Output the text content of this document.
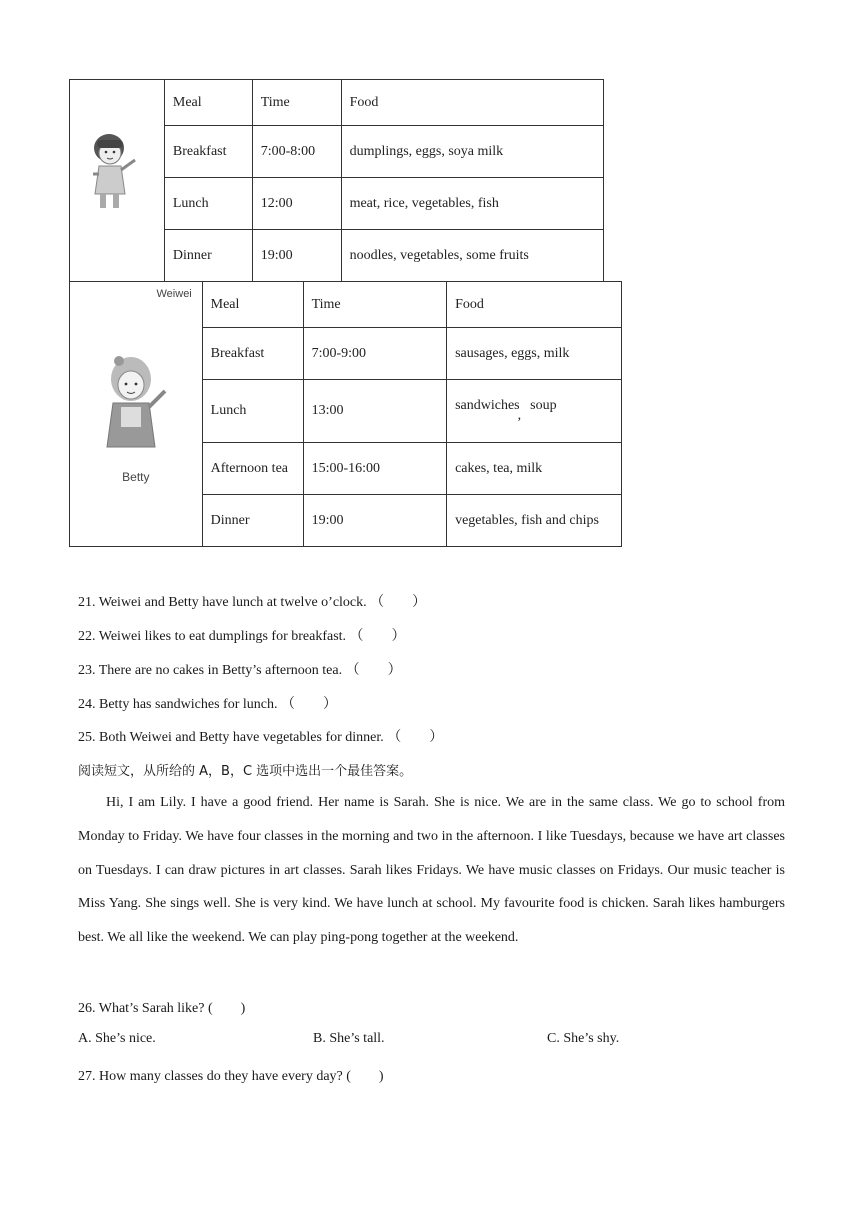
Weiwei	Meal	Time	Food
	Breakfast	7:00-8:00	dumplings, eggs, soya milk
	Lunch	12:00	meat, rice, vegetables, fish
	Dinner	19:00	noodles, vegetables, some fruits
Betty	Meal	Time	Food
	Breakfast	7:00-9:00	sausages, eggs, milk
	Lunch	13:00	sandwiches,  soup
	Afternoon tea	15:00-16:00	cakes, tea, milk
	Dinner	19:00	vegetables, fish and chips
21. Weiwei and Betty have lunch at twelve o’clock. （　　）
22. Weiwei likes to eat dumplings for breakfast. （　　）
23. There are no cakes in Betty’s afternoon tea. （　　）
24. Betty has sandwiches for lunch. （　　）
25. Both Weiwei and Betty have vegetables for dinner. （　　）
阅读短文，从所给的 A，B，C 选项中选出一个最佳答案。
Hi, I am Lily. I have a good friend. Her name is Sarah. She is nice. We are in the same class. We go to school from Monday to Friday. We have four classes in the morning and two in the afternoon. I like Tuesdays, because we have art classes on Tuesdays. I can draw pictures in art classes. Sarah likes Fridays. We have music classes on Fridays. Our music teacher is Miss Yang. She sings well. She is very kind. We have lunch at school. My favourite food is chicken. Sarah likes hamburgers best. We all like the weekend. We can play ping-pong together at the weekend.
26. What’s Sarah like? (　　)
A. She’s nice.	B. She’s tall.	C. She’s shy.
27. How many classes do they have every day? (　　)
